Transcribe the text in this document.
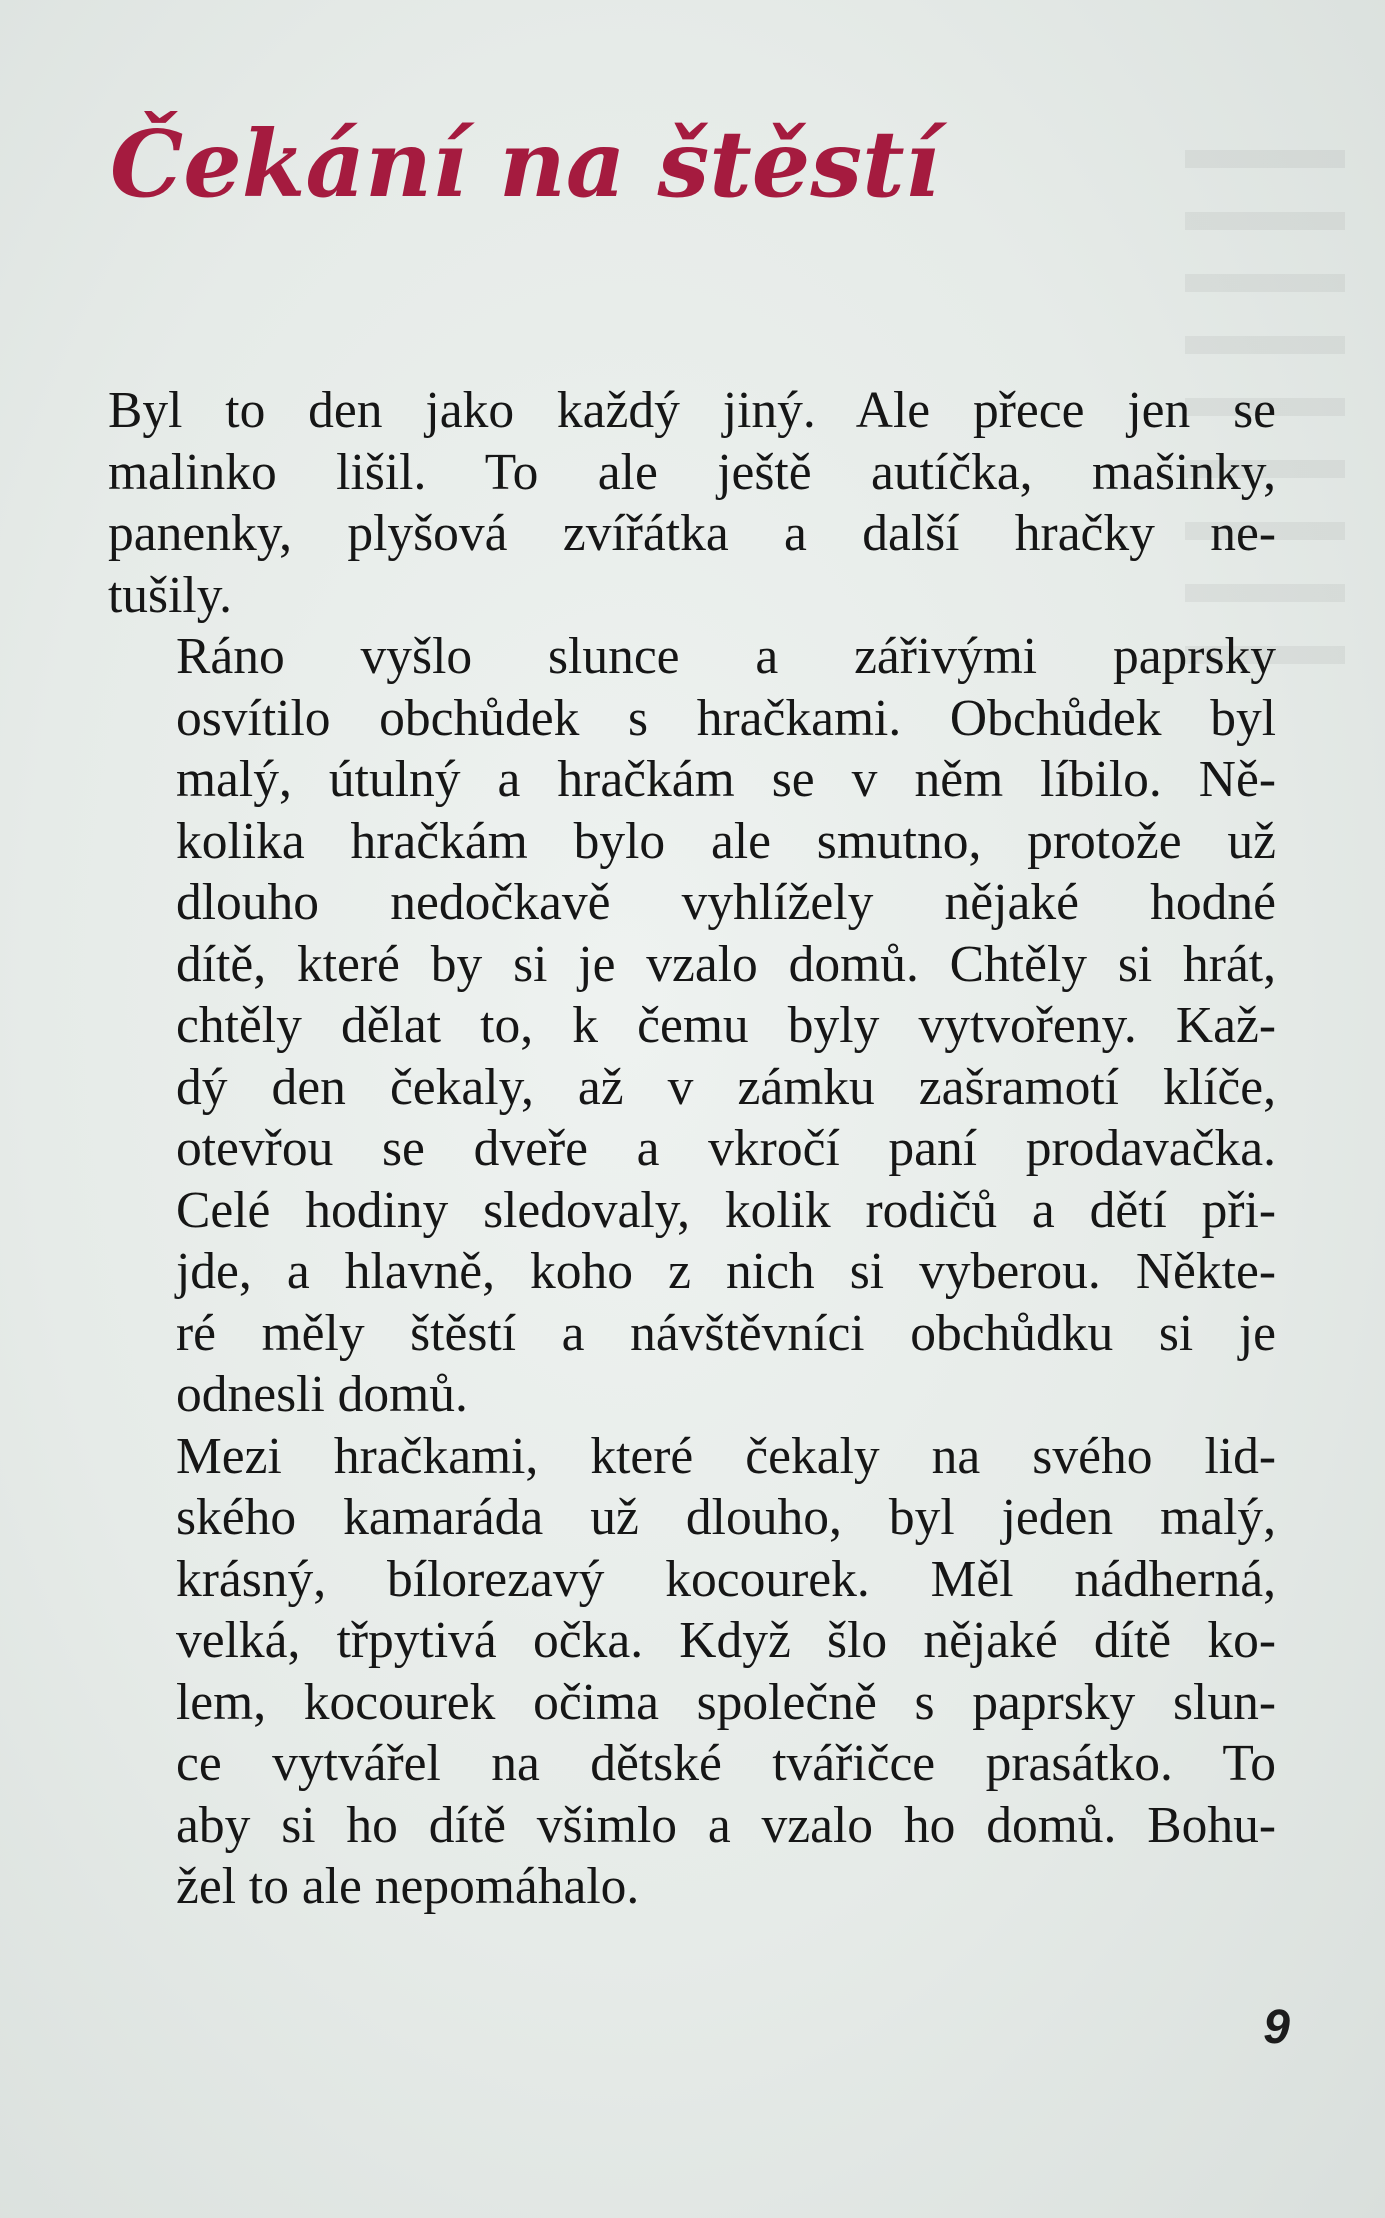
Čekání na štěstí

Byl to den jako každý jiný. Ale přece jen se
malinko lišil. To ale ještě autíčka, mašinky,
panenky, plyšová zvířátka a další hračky ne-
tušily.

Ráno vyšlo slunce a zářivými paprsky
osvítilo obchůdek s hračkami. Obchůdek byl
malý, útulný a hračkám se v něm líbilo. Ně-
kolika hračkám bylo ale smutno, protože už
dlouho nedočkavě vyhlížely nějaké hodné
dítě, které by si je vzalo domů. Chtěly si hrát,
chtěly dělat to, k čemu byly vytvořeny. Kaž-
dý den čekaly, až v zámku zašramotí klíče,
otevřou se dveře a vkročí paní prodavačka.
Celé hodiny sledovaly, kolik rodičů a dětí při-
jde, a hlavně, koho z nich si vyberou. Někte-
ré měly štěstí a návštěvníci obchůdku si je
odnesli domů.

Mezi hračkami, které čekaly na svého lid-
ského kamaráda už dlouho, byl jeden malý,
krásný, bílorezavý kocourek. Měl nádherná,
velká, třpytivá očka. Když šlo nějaké dítě ko-
lem, kocourek očima společně s paprsky slun-
ce vytvářel na dětské tvářičce prasátko. To
aby si ho dítě všimlo a vzalo ho domů. Bohu-
žel to ale nepomáhalo.

9
